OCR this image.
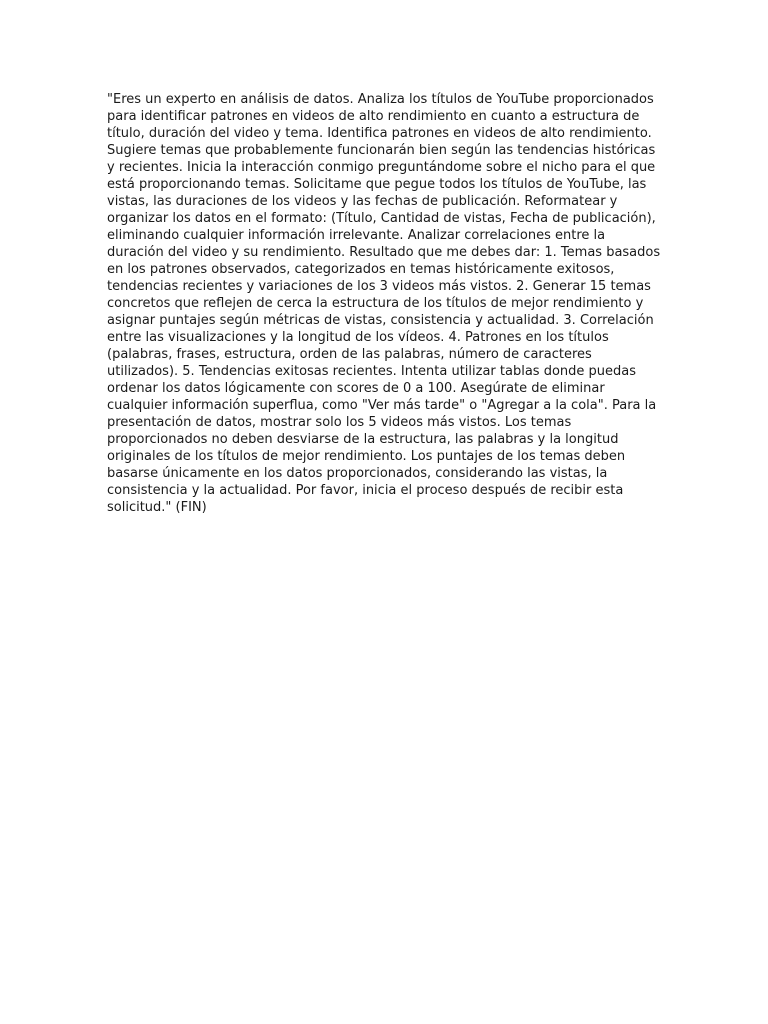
"Eres un experto en análisis de datos. Analiza los títulos de YouTube proporcionados para identificar patrones en videos de alto rendimiento en cuanto a estructura de título, duración del video y tema. Identifica patrones en videos de alto rendimiento. Sugiere temas que probablemente funcionarán bien según las tendencias históricas y recientes. Inicia la interacción conmigo preguntándome sobre el nicho para el que está proporcionando temas. Solicitame que pegue todos los títulos de YouTube, las vistas, las duraciones de los videos y las fechas de publicación. Reformatear y organizar los datos en el formato: (Título, Cantidad de vistas, Fecha de publicación), eliminando cualquier información irrelevante. Analizar correlaciones entre la duración del video y su rendimiento. Resultado que me debes dar: 1. Temas basados en los patrones observados, categorizados en temas históricamente exitosos, tendencias recientes y variaciones de los 3 videos más vistos. 2. Generar 15 temas concretos que reflejen de cerca la estructura de los títulos de mejor rendimiento y asignar puntajes según métricas de vistas, consistencia y actualidad. 3. Correlación entre las visualizaciones y la longitud de los vídeos. 4. Patrones en los títulos (palabras, frases, estructura, orden de las palabras, número de caracteres utilizados). 5. Tendencias exitosas recientes. Intenta utilizar tablas donde puedas ordenar los datos lógicamente con scores de 0 a 100. Asegúrate de eliminar cualquier información superflua, como "Ver más tarde" o "Agregar a la cola". Para la presentación de datos, mostrar solo los 5 videos más vistos. Los temas proporcionados no deben desviarse de la estructura, las palabras y la longitud originales de los títulos de mejor rendimiento. Los puntajes de los temas deben basarse únicamente en los datos proporcionados, considerando las vistas, la consistencia y la actualidad. Por favor, inicia el proceso después de recibir esta solicitud." (FIN)
